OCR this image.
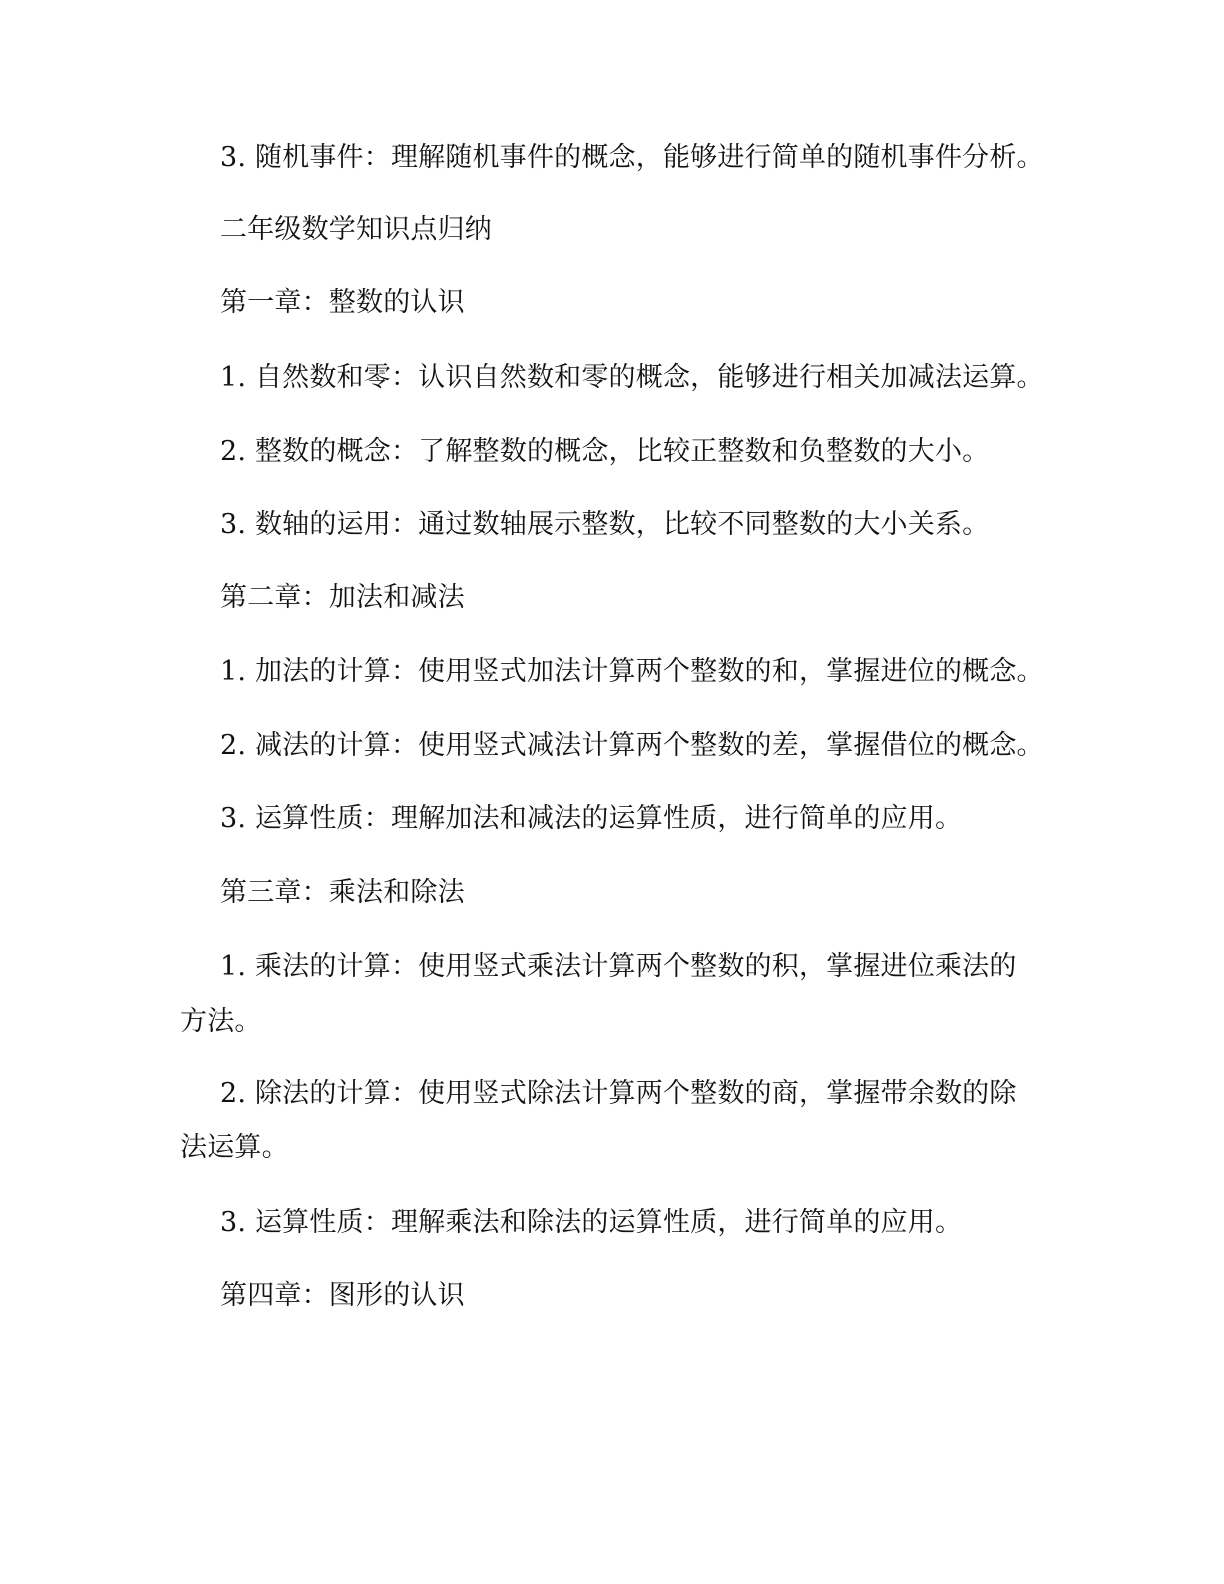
3. 随机事件：理解随机事件的概念，能够进行简单的随机事件分析。
二年级数学知识点归纳
第一章：整数的认识
1. 自然数和零：认识自然数和零的概念，能够进行相关加减法运算。
2. 整数的概念：了解整数的概念，比较正整数和负整数的大小。
3. 数轴的运用：通过数轴展示整数，比较不同整数的大小关系。
第二章：加法和减法
1. 加法的计算：使用竖式加法计算两个整数的和，掌握进位的概念。
2. 减法的计算：使用竖式减法计算两个整数的差，掌握借位的概念。
3. 运算性质：理解加法和减法的运算性质，进行简单的应用。
第三章：乘法和除法
1. 乘法的计算：使用竖式乘法计算两个整数的积，掌握进位乘法的
方法。
2. 除法的计算：使用竖式除法计算两个整数的商，掌握带余数的除
法运算。
3. 运算性质：理解乘法和除法的运算性质，进行简单的应用。
第四章：图形的认识
